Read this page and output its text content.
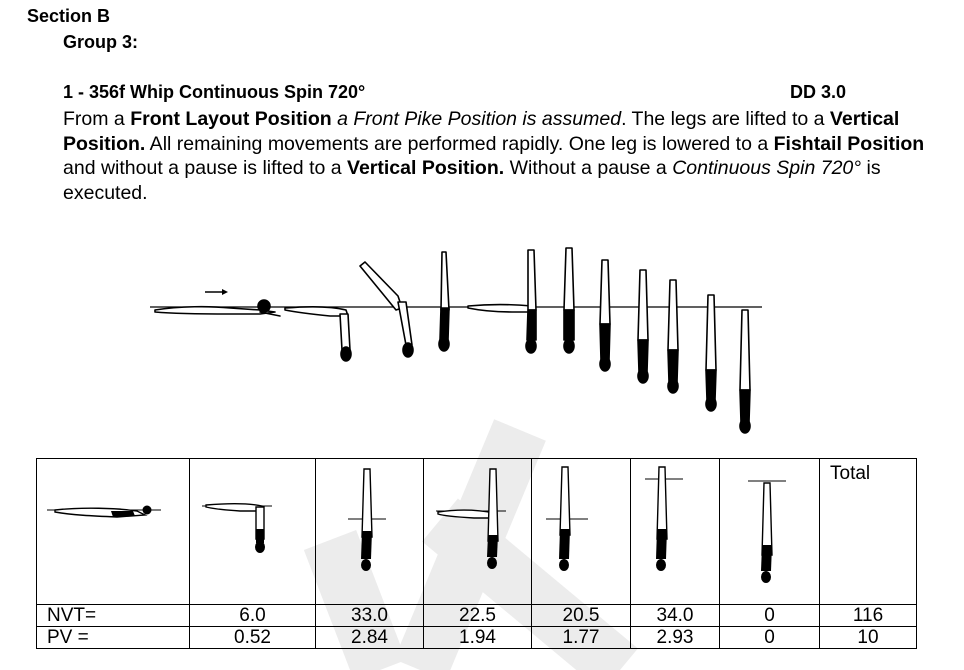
Section B
Group 3:
1 - 356f Whip Continuous Spin 720°	DD 3.0
From a Front Layout Position a Front Pike Position is assumed. The legs are lifted to a Vertical Position. All remaining movements are performed rapidly. One leg is lowered to a Fishtail Position and without a pause is lifted to a Vertical Position. Without a pause a Continuous Spin 720° is executed.

Total

NVT=	6.0	33.0	22.5	20.5	34.0	0	116
PV =	0.52	2.84	1.94	1.77	2.93	0	10
